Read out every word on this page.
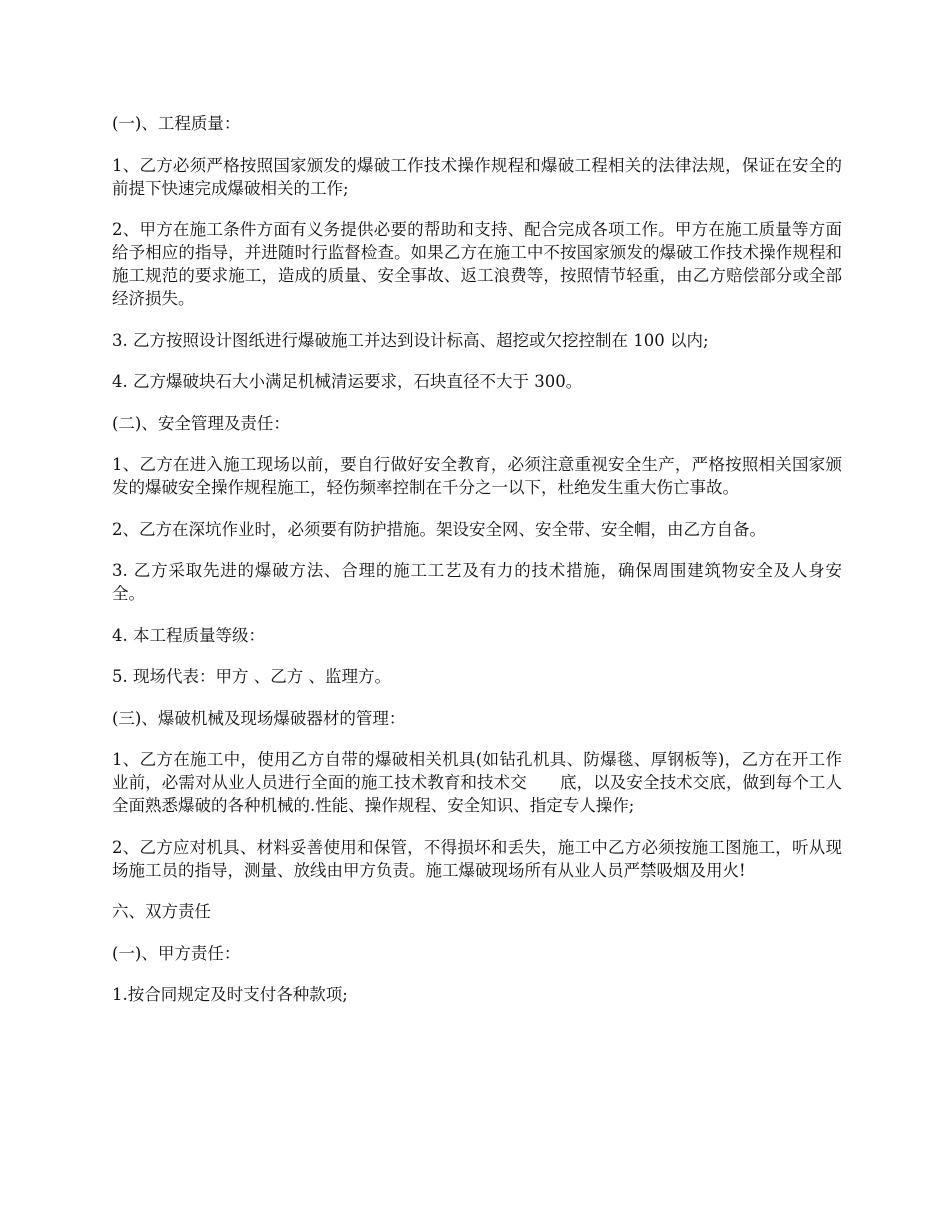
(一)、工程质量：

1、乙方必须严格按照国家颁发的爆破工作技术操作规程和爆破工程相关的法律法规，保证在安全的前提下快速完成爆破相关的工作;

2、甲方在施工条件方面有义务提供必要的帮助和支持、配合完成各项工作。甲方在施工质量等方面给予相应的指导，并进随时行监督检查。如果乙方在施工中不按国家颁发的爆破工作技术操作规程和施工规范的要求施工，造成的质量、安全事故、返工浪费等，按照情节轻重，由乙方赔偿部分或全部经济损失。

3. 乙方按照设计图纸进行爆破施工并达到设计标高、超挖或欠挖控制在 100 以内;

4. 乙方爆破块石大小满足机械清运要求，石块直径不大于 300。

(二)、安全管理及责任：

1、乙方在进入施工现场以前，要自行做好安全教育，必须注意重视安全生产，严格按照相关国家颁发的爆破安全操作规程施工，轻伤频率控制在千分之一以下，杜绝发生重大伤亡事故。

2、乙方在深坑作业时，必须要有防护措施。架设安全网、安全带、安全帽，由乙方自备。

3. 乙方采取先进的爆破方法、合理的施工工艺及有力的技术措施，确保周围建筑物安全及人身安全。

4. 本工程质量等级：

5. 现场代表：甲方 、乙方 、监理方。

(三)、爆破机械及现场爆破器材的管理：

1、乙方在施工中，使用乙方自带的爆破相关机具(如钻孔机具、防爆毯、厚钢板等)，乙方在开工作业前，必需对从业人员进行全面的施工技术教育和技术交　　底，以及安全技术交底，做到每个工人全面熟悉爆破的各种机械的.性能、操作规程、安全知识、指定专人操作;

2、乙方应对机具、材料妥善使用和保管，不得损坏和丢失，施工中乙方必须按施工图施工，听从现场施工员的指导，测量、放线由甲方负责。施工爆破现场所有从业人员严禁吸烟及用火!

六、双方责任

(一)、甲方责任：

1.按合同规定及时支付各种款项;
